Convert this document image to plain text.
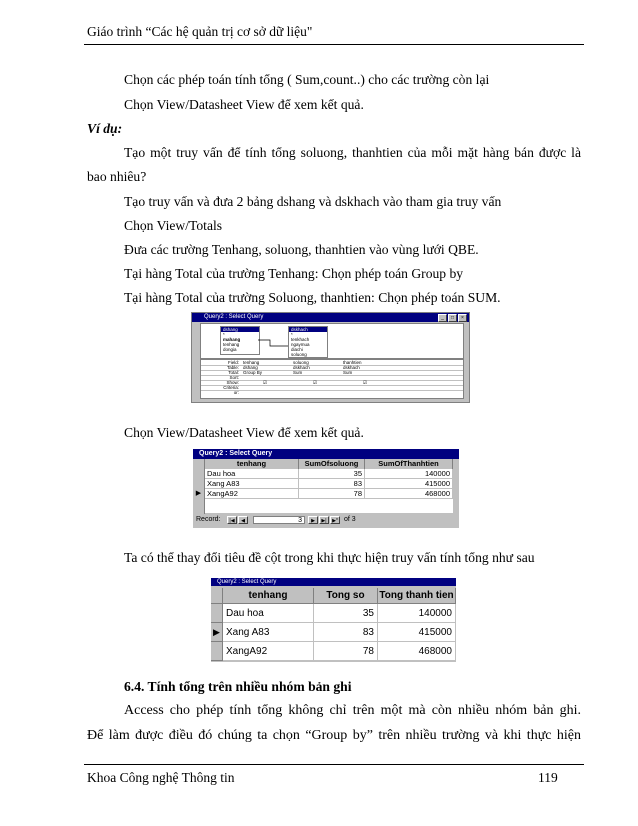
Giáo trình “Các hệ quản trị cơ sở dữ liệu"
Chọn các phép toán tính tổng ( Sum,count..) cho các trường còn lại
Chọn View/Datasheet View để xem kết quả.
Ví dụ:
Tạo một truy vấn để tính tổng soluong, thanhtien của mỗi mặt hàng bán được là
bao nhiêu?
Tạo truy vấn và đưa 2 bảng dshang và dskhach vào tham gia truy vấn
Chọn View/Totals
Đưa các trường Tenhang, soluong, thanhtien vào vùng lưới QBE.
Tại hàng Total của trường Tenhang: Chọn phép toán Group by
Tại hàng Total của trường Soluong, thanhtien: Chọn phép toán SUM.
Query2 : Select Query	_	□	×
dshang
*
mahang
tenhang
dongia
dskhach
*
tenkhach
ngaymua
diachi
soluong
Field: tenhang	soluong	thanhtien
Table: dshang	dskhach	dskhach
Total: Group By	Sum	Sum
Sort:
Show:	☑	☑	☑
Criteria:
or:
Chọn View/Datasheet View để xem kết quả.
Query2 : Select Query
tenhang	SumOfsoluong	SumOfThanhtien
Dau hoa	35	140000
Xang A83	83	415000
▶ XangA92	78	468000
Record:	|◀	◀	3	▶	▶|	▶* of 3
Ta có thể thay đổi tiêu đề cột trong khi thực hiện truy vấn tính tổng như sau
Query2 : Select Query
tenhang	Tong so	Tong thanh tien
Dau hoa	35	140000
▶ Xang A83	83	415000
XangA92	78	468000
6.4. Tính tổng trên nhiều nhóm bản ghi
Access cho phép tính tổng không chỉ trên một mà còn nhiều nhóm bản ghi.
Để làm được điều đó chúng ta chọn “Group by” trên nhiều trường và khi thực hiện
Khoa Công nghệ Thông tin	119
